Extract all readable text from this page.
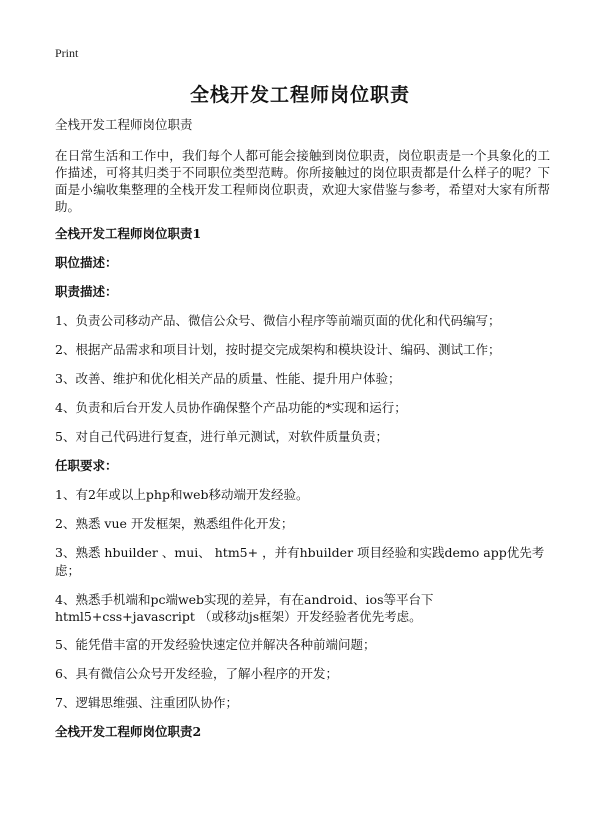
Print
全栈开发工程师岗位职责

全栈开发工程师岗位职责

在日常生活和工作中，我们每个人都可能会接触到岗位职责，岗位职责是一个具象化的工作描述，可将其归类于不同职位类型范畴。你所接触过的岗位职责都是什么样子的呢？下面是小编收集整理的全栈开发工程师岗位职责，欢迎大家借鉴与参考，希望对大家有所帮助。

全栈开发工程师岗位职责1

职位描述：

职责描述：

1、负责公司移动产品、微信公众号、微信小程序等前端页面的优化和代码编写；

2、根据产品需求和项目计划，按时提交完成架构和模块设计、编码、测试工作；

3、改善、维护和优化相关产品的质量、性能、提升用户体验；

4、负责和后台开发人员协作确保整个产品功能的*实现和运行；

5、对自己代码进行复查，进行单元测试，对软件质量负责；

任职要求：

1、有2年或以上php和web移动端开发经验。

2、熟悉 vue 开发框架，熟悉组件化开发；

3、熟悉 hbuilder 、mui、 htm5+ ，并有hbuilder 项目经验和实践demo app优先考虑；

4、熟悉手机端和pc端web实现的差异，有在android、ios等平台下html5+css+javascript （或移动js框架）开发经验者优先考虑。

5、能凭借丰富的开发经验快速定位并解决各种前端问题；

6、具有微信公众号开发经验，了解小程序的开发；

7、逻辑思维强、注重团队协作；

全栈开发工程师岗位职责2
